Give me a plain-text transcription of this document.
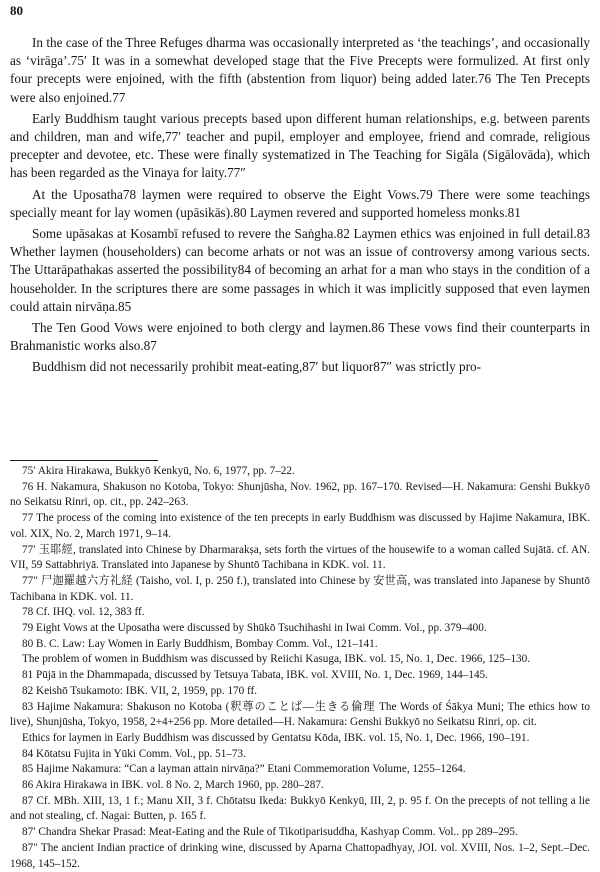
80

In the case of the Three Refuges dharma was occasionally interpreted as ‘the teachings’, and occasionally as ‘virāga’.75′ It was in a somewhat developed stage that the Five Precepts were formulized. At first only four precepts were enjoined, with the fifth (abstention from liquor) being added later.76 The Ten Precepts were also enjoined.77

Early Buddhism taught various precepts based upon different human relationships, e.g. between parents and children, man and wife,77′ teacher and pupil, employer and employee, friend and comrade, religious precepter and devotee, etc. These were finally systematized in The Teaching for Sigāla (Sigālovāda), which has been regarded as the Vinaya for laity.77″

At the Uposatha78 laymen were required to observe the Eight Vows.79 There were some teachings specially meant for lay women (upāsikās).80 Laymen revered and supported homeless monks.81

Some upāsakas at Kosambī refused to revere the Saṅgha.82 Laymen ethics was enjoined in full detail.83 Whether laymen (householders) can become arhats or not was an issue of controversy among various sects. The Uttarāpathakas asserted the possibility84 of becoming an arhat for a man who stays in the condition of a householder. In the scriptures there are some passages in which it was implicitly supposed that even laymen could attain nirvāṇa.85

The Ten Good Vows were enjoined to both clergy and laymen.86 These vows find their counterparts in Brahmanistic works also.87

Buddhism did not necessarily prohibit meat-eating,87′ but liquor87″ was strictly pro-

75′ Akira Hirakawa, Bukkyō Kenkyū, No. 6, 1977, pp. 7–22.

76 H. Nakamura, Shakuson no Kotoba, Tokyo: Shunjūsha, Nov. 1962, pp. 167–170. Revised—H. Nakamura: Genshi Bukkyō no Seikatsu Rinri, op. cit., pp. 242–263.

77 The process of the coming into existence of the ten precepts in early Buddhism was discussed by Hajime Nakamura, IBK. vol. XIX, No. 2, March 1971, 9–14.

77′ 玉耶經, translated into Chinese by Dharmarakṣa, sets forth the virtues of the housewife to a woman called Sujātā. cf. AN. VII, 59 Sattabhriyā. Translated into Japanese by Shuntō Tachibana in KDK. vol. 11.

77″ 尸迦羅越六方礼経 (Taisho, vol. I, p. 250 f.), translated into Chinese by 安世高, was translated into Japanese by Shuntō Tachibana in KDK. vol. 11.

78 Cf. IHQ. vol. 12, 383 ff.

79 Eight Vows at the Uposatha were discussed by Shūkō Tsuchihashi in Iwai Comm. Vol., pp. 379–400.

80 B. C. Law: Lay Women in Early Buddhism, Bombay Comm. Vol., 121–141.

The problem of women in Buddhism was discussed by Reiichi Kasuga, IBK. vol. 15, No. 1, Dec. 1966, 125–130.

81 Pūjā in the Dhammapada, discussed by Tetsuya Tabata, IBK. vol. XVIII, No. 1, Dec. 1969, 144–145.

82 Keishō Tsukamoto: IBK. VII, 2, 1959, pp. 170 ff.

83 Hajime Nakamura: Shakuson no Kotoba (釈尊のことば—生きる倫理 The Words of Śākya Muni; The ethics how to live), Shunjūsha, Tokyo, 1958, 2+4+256 pp. More detailed—H. Nakamura: Genshi Bukkyō no Seikatsu Rinri, op. cit.

Ethics for laymen in Early Buddhism was discussed by Gentatsu Kōda, IBK. vol. 15, No. 1, Dec. 1966, 190–191.

84 Kōtatsu Fujita in Yūki Comm. Vol., pp. 51–73.

85 Hajime Nakamura: “Can a layman attain nirvāṇa?” Etani Commemoration Volume, 1255–1264.

86 Akira Hirakawa in IBK. vol. 8 No. 2, March 1960, pp. 280–287.

87 Cf. MBh. XIII, 13, 1 f.; Manu XII, 3 f. Chōtatsu Ikeda: Bukkyō Kenkyū, III, 2, p. 95 f. On the precepts of not telling a lie and not stealing, cf. Nagai: Butten, p. 165 f.

87′ Chandra Shekar Prasad: Meat-Eating and the Rule of Tikotiparisuddha, Kashyap Comm. Vol.. pp 289–295.

87″ The ancient Indian practice of drinking wine, discussed by Aparna Chattopadhyay, JOI. vol. XVIII, Nos. 1–2, Sept.–Dec. 1968, 145–152.
